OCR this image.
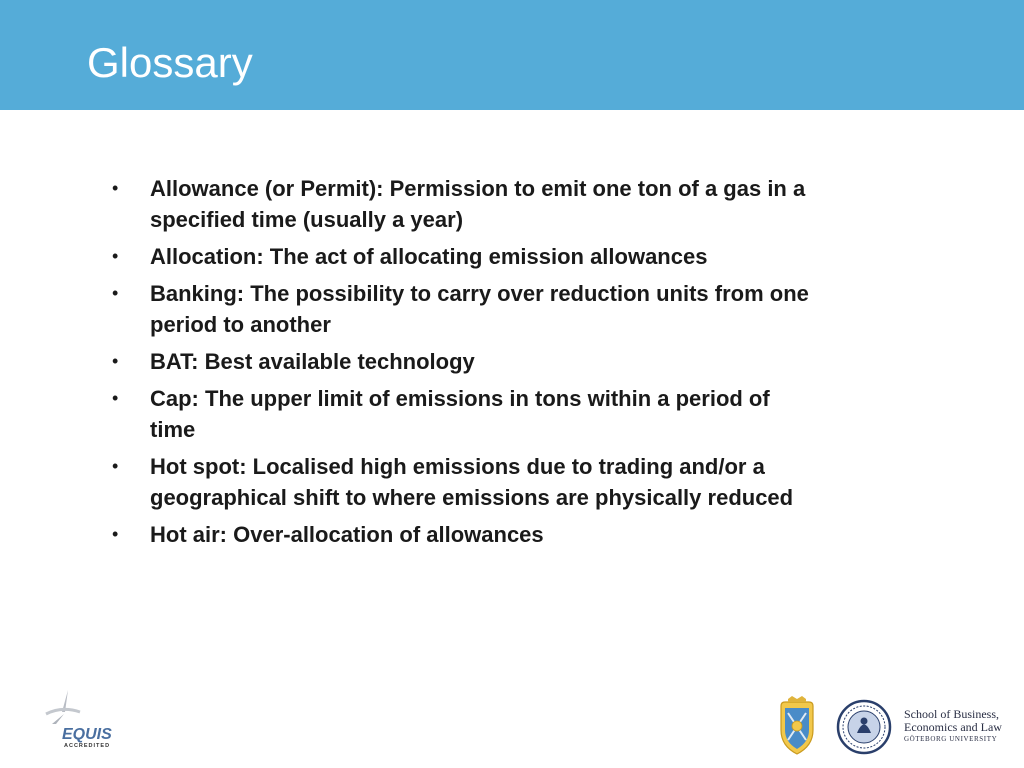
Glossary
• Allowance (or Permit): Permission to emit one ton of a gas in a specified time (usually a year)
• Allocation: The act of allocating emission allowances
• Banking: The possibility to carry over reduction units from one period to another
• BAT: Best available technology
• Cap: The upper limit of emissions in tons within a period of time
• Hot spot: Localised high emissions due to trading and/or a geographical shift to where emissions are physically reduced
• Hot air: Over-allocation of allowances
EQUIS
ACCREDITED
School of Business,
Economics and Law
GÖTEBORG UNIVERSITY
